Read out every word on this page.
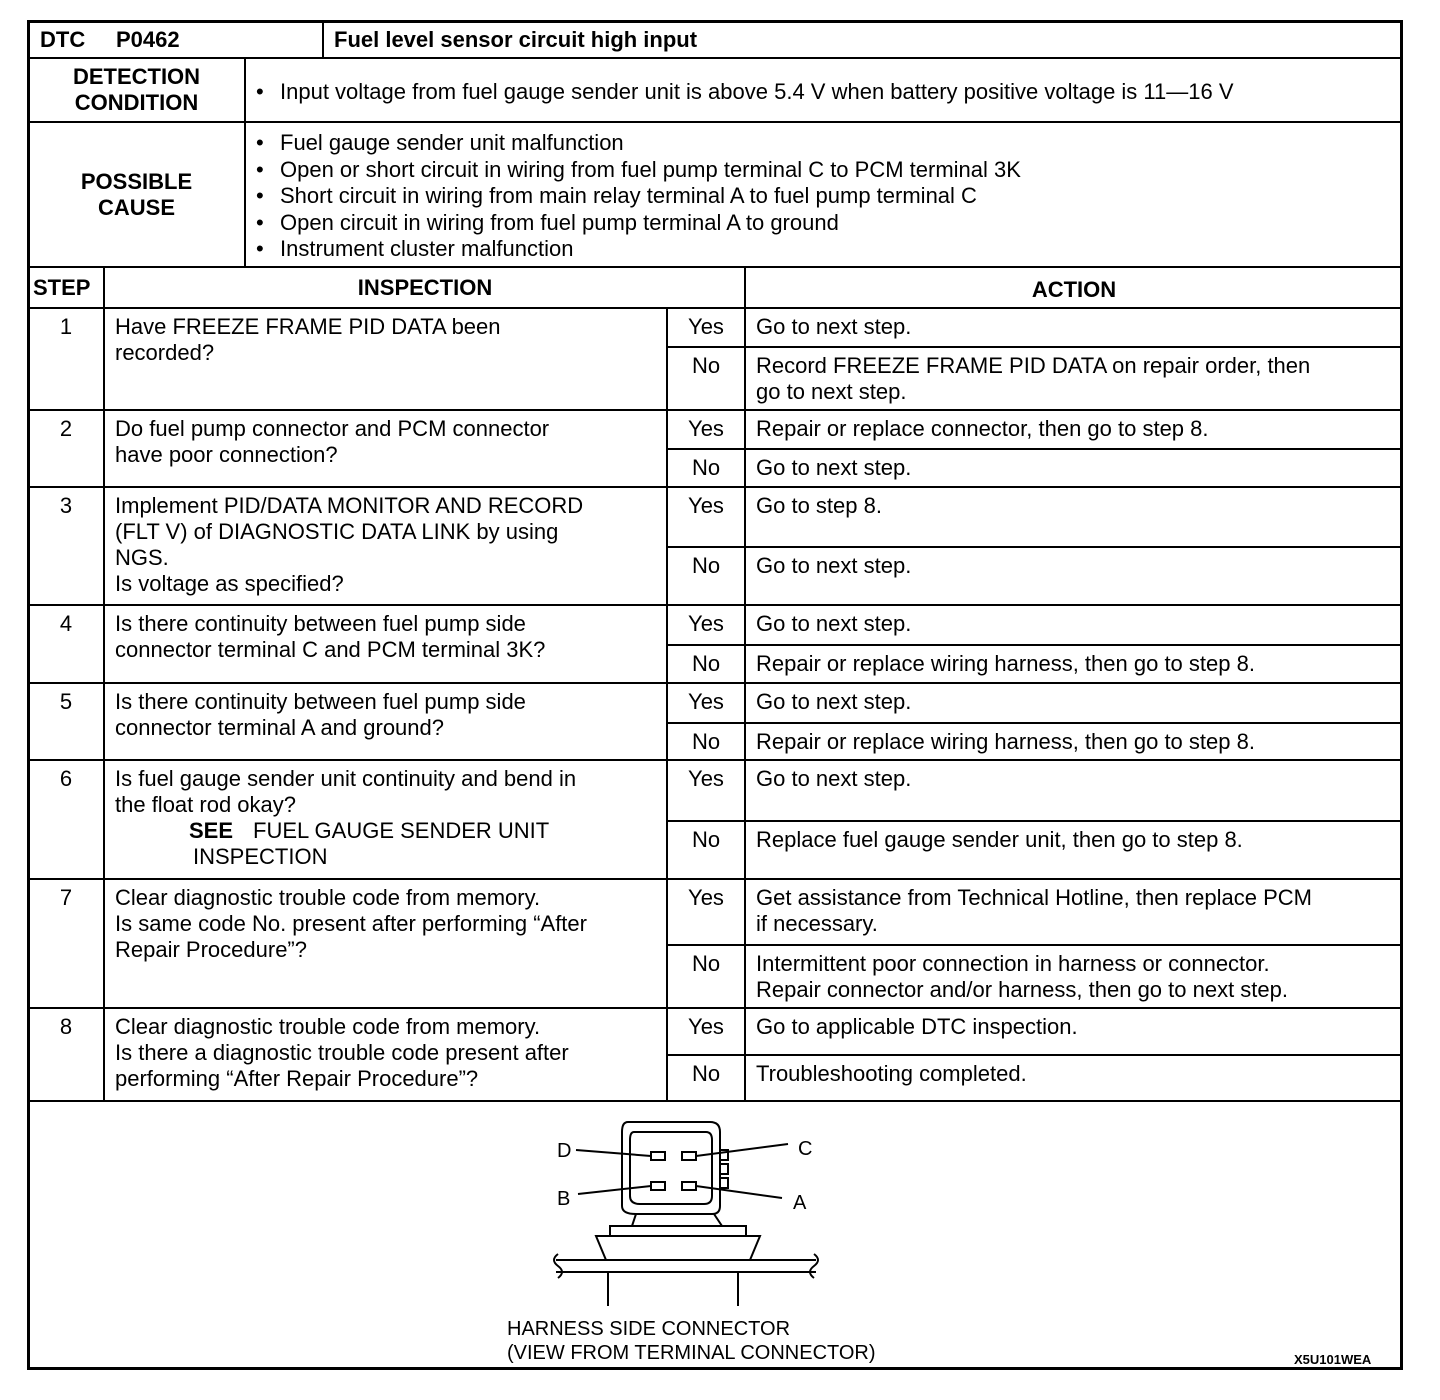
DTC P0462	Fuel level sensor circuit high input
DETECTION
CONDITION
•	Input voltage from fuel gauge sender unit is above 5.4 V when battery positive voltage is 11—16 V
POSSIBLE
CAUSE
• Fuel gauge sender unit malfunction
• Open or short circuit in wiring from fuel pump terminal C to PCM terminal 3K
• Short circuit in wiring from main relay terminal A to fuel pump terminal C
• Open circuit in wiring from fuel pump terminal A to ground
• Instrument cluster malfunction
STEP	INSPECTION	ACTION
1	Have FREEZE FRAME PID DATA been
recorded?
Yes
No
Go to next step.
Record FREEZE FRAME PID DATA on repair order, then
go to next step.
2	Do fuel pump connector and PCM connector
have poor connection?
Yes
No
Repair or replace connector, then go to step 8.
Go to next step.
3	Implement PID/DATA MONITOR AND RECORD
(FLT V) of DIAGNOSTIC DATA LINK by using
NGS.
Is voltage as specified?
Yes
No
Go to step 8.
Go to next step.
4	Is there continuity between fuel pump side
connector terminal C and PCM terminal 3K?
Yes
No
Go to next step.
Repair or replace wiring harness, then go to step 8.
5	Is there continuity between fuel pump side
connector terminal A and ground?
Yes
No
Go to next step.
Repair or replace wiring harness, then go to step 8.
6	Is fuel gauge sender unit continuity and bend in
the float rod okay?
SEE FUEL GAUGE SENDER UNIT
INSPECTION
Yes
No
Go to next step.
Replace fuel gauge sender unit, then go to step 8.
7	Clear diagnostic trouble code from memory.
Is same code No. present after performing “After
Repair Procedure”?
Yes
No
Get assistance from Technical Hotline, then replace PCM
if necessary.
Intermittent poor connection in harness or connector.
Repair connector and/or harness, then go to next step.
8	Clear diagnostic trouble code from memory.
Is there a diagnostic trouble code present after
performing “After Repair Procedure”?
Yes
No
Go to applicable DTC inspection.
Troubleshooting completed.
D	C
B	A
HARNESS SIDE CONNECTOR
(VIEW FROM TERMINAL CONNECTOR)	X5U101WEA
